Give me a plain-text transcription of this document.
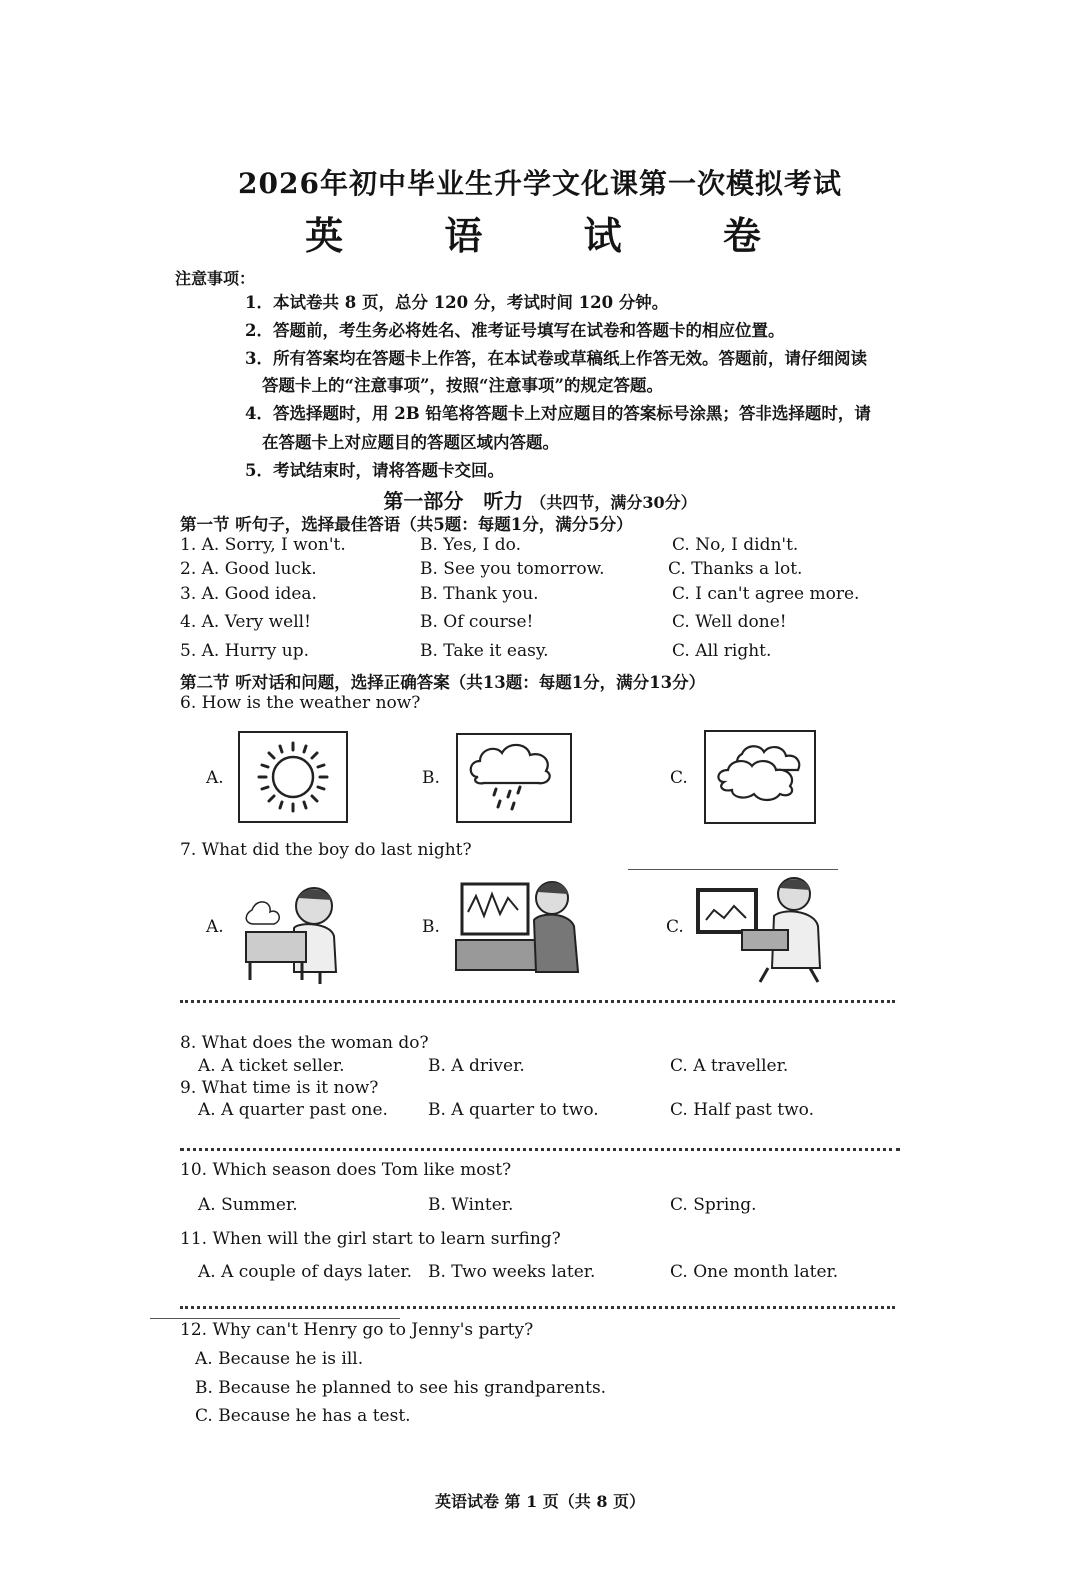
2026年初中毕业生升学文化课第一次模拟考试
英 语 试 卷
注意事项：
1．本试卷共 8 页，总分 120 分，考试时间 120 分钟。
2．答题前，考生务必将姓名、准考证号填写在试卷和答题卡的相应位置。
3．所有答案均在答题卡上作答，在本试卷或草稿纸上作答无效。答题前，请仔细阅读
答题卡上的“注意事项”，按照“注意事项”的规定答题。
4．答选择题时，用 2B 铅笔将答题卡上对应题目的答案标号涂黑；答非选择题时，请
在答题卡上对应题目的答题区域内答题。
5．考试结束时，请将答题卡交回。
第一部分　听力 （共四节，满分30分）
第一节 听句子，选择最佳答语（共5题：每题1分，满分5分）
1. A. Sorry, I won't.	B. Yes, I do.	C. No, I didn't.
2. A. Good luck.	B. See you tomorrow.	C. Thanks a lot.
3. A. Good idea.	B. Thank you.	C. I can't agree more.
4. A. Very well!	B. Of course!	C. Well done!
5. A. Hurry up.	B. Take it easy.	C. All right.
第二节 听对话和问题，选择正确答案（共13题：每题1分，满分13分）
6. How is the weather now?
A.	B.	C.
7. What did the boy do last night?
A.	B.	C.
8. What does the woman do?
A. A ticket seller.	B. A driver.	C. A traveller.
9. What time is it now?
A. A quarter past one. B. A quarter to two.	C. Half past two.
10. Which season does Tom like most?
A. Summer.	B. Winter.	C. Spring.
11. When will the girl start to learn surfing?
A. A couple of days later. B. Two weeks later.	C. One month later.
12. Why can't Henry go to Jenny's party?
A. Because he is ill.
B. Because he planned to see his grandparents.
C. Because he has a test.
英语试卷 第 1 页（共 8 页）
